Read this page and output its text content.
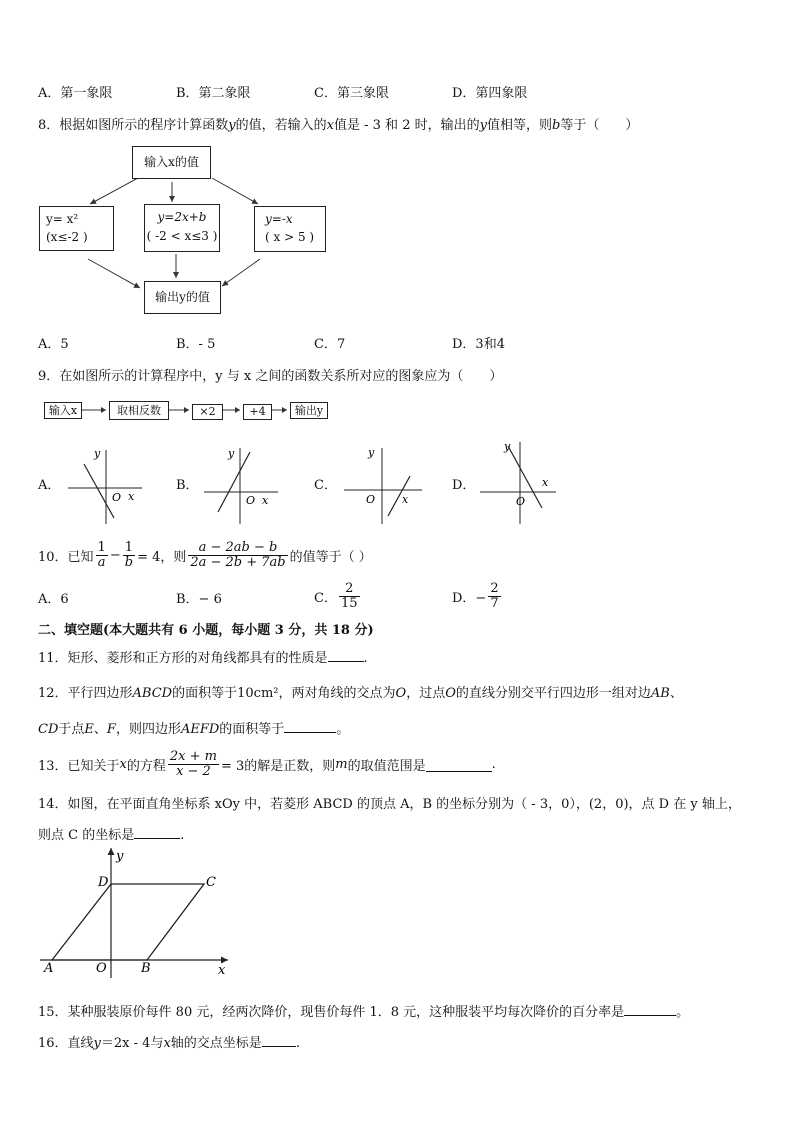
A．第一象限	B．第二象限	C．第三象限	D．第四象限
8．根据如图所示的程序计算函数y的值，若输入的x值是 - 3 和 2 时，输出的y值相等，则b等于（　　）
输入x的值
y= x²
(x≤-2 )
y=2x+b
( -2 < x≤3 )
y=-x
( x > 5 )
输出y的值
A．5	B．- 5	C．7	D．3和4
9．在如图所示的计算程序中，y 与 x 之间的函数关系所对应的图象应为（　　）
输入x	取相反数	×2	+4	输出y
A．	B．	C．	D．
y
x
O
y
x
O
y
x
O
y
x
O
10．已知 $\frac{1}{a} - \frac{1}{b} = 4$，则 $\frac{a - 2ab - b}{2a - 2b + 7ab}$ 的值等于（ ）
A．6	B．− 6	C． $\frac{2}{15}$	D．− $\frac{2}{7}$
二、填空题(本大题共有 6 小题，每小题 3 分，共 18 分)
11．矩形、菱形和正方形的对角线都具有的性质是	.
12．平行四边形ABCD的面积等于10cm²，两对角线的交点为O，过点O的直线分别交平行四边形一组对边AB、
CD于点E、F，则四边形AEFD的面积等于	。
13．已知关于 x 的方程 $\frac{2x + m}{x - 2} = 3$的解是正数，则 m 的取值范围是	.
14．如图，在平面直角坐标系 xOy 中，若菱形 ABCD 的顶点 A，B 的坐标分别为（ - 3，0），(2，0)，点 D 在 y 轴上，
则点 C 的坐标是	.
y
x
A	O	B
D	C
15．某种服装原价每件 80 元，经两次降价，现售价每件 1．8 元，这种服装平均每次降价的百分率是	。
16．直线y＝2x - 4与x轴的交点坐标是	.
